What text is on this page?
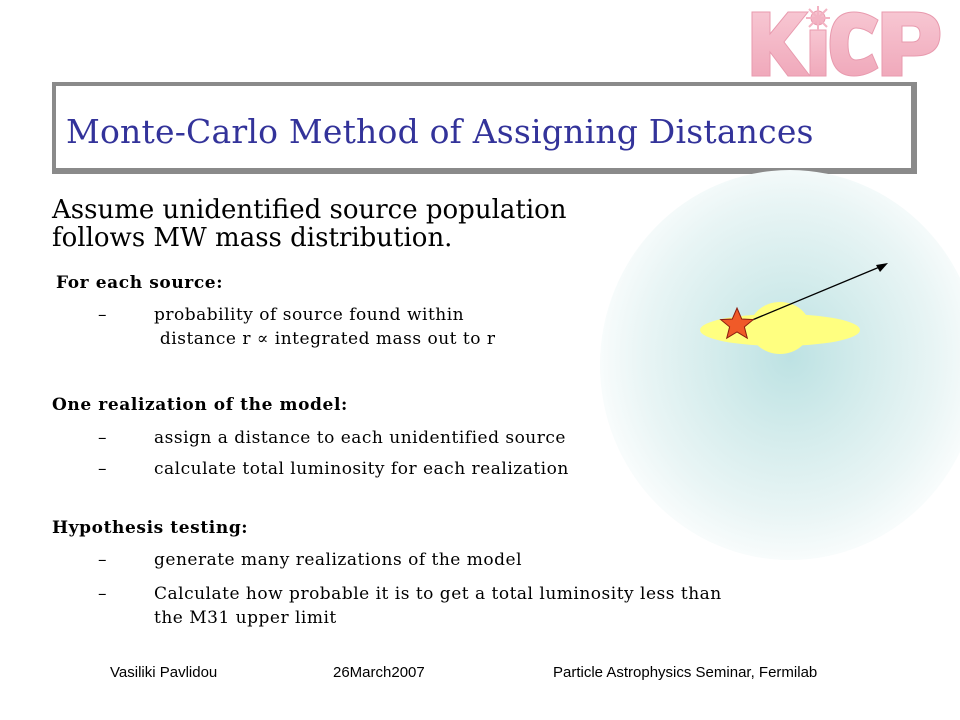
Monte-Carlo Method of Assigning Distances
Assume unidentified source population
follows MW mass distribution.
For each source:
–	probability of source found within
distance r ∝ integrated mass out to r
One realization of the model:
–	assign a distance to each unidentified source
–	calculate total luminosity for each realization
Hypothesis testing:
–	generate many realizations of the model
–	Calculate how probable it is to get a total luminosity less than
the M31 upper limit
Vasiliki Pavlidou	26March2007	Particle Astrophysics Seminar, Fermilab
